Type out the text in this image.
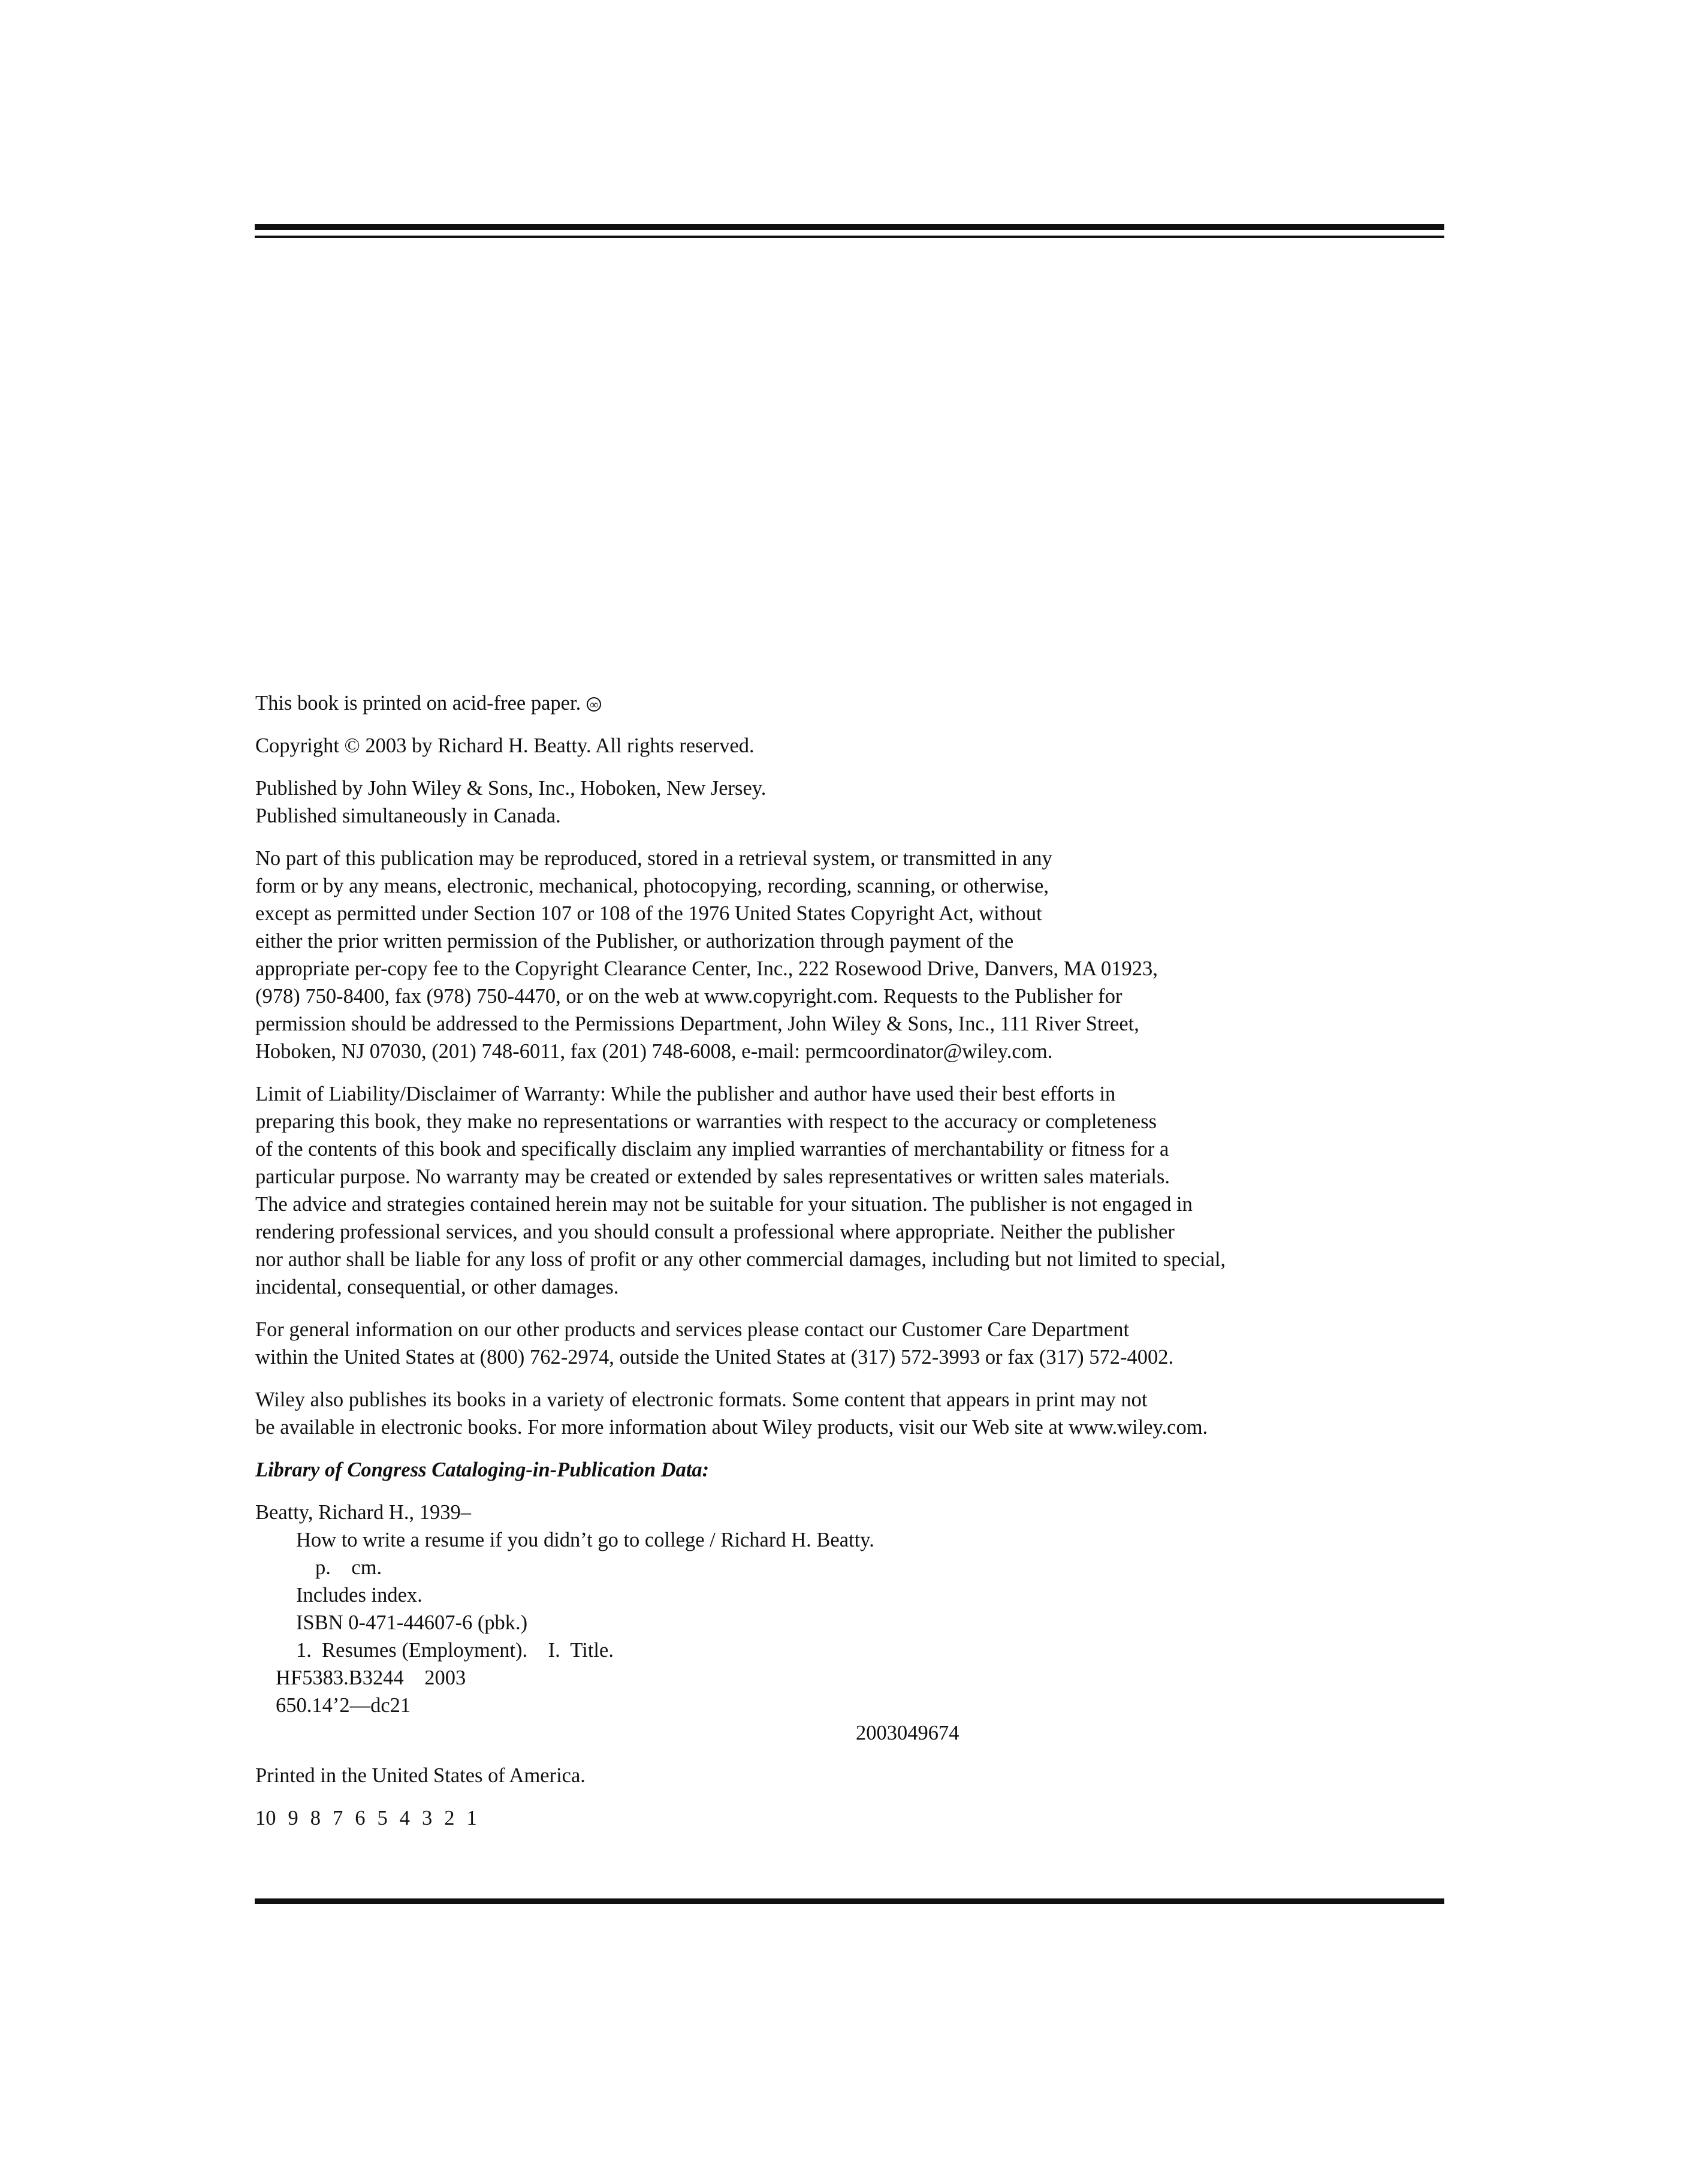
This book is printed on acid-free paper. ∞

Copyright © 2003 by Richard H. Beatty. All rights reserved.

Published by John Wiley & Sons, Inc., Hoboken, New Jersey.
Published simultaneously in Canada.

No part of this publication may be reproduced, stored in a retrieval system, or transmitted in any
form or by any means, electronic, mechanical, photocopying, recording, scanning, or otherwise,
except as permitted under Section 107 or 108 of the 1976 United States Copyright Act, without
either the prior written permission of the Publisher, or authorization through payment of the
appropriate per-copy fee to the Copyright Clearance Center, Inc., 222 Rosewood Drive, Danvers, MA 01923,
(978) 750-8400, fax (978) 750-4470, or on the web at www.copyright.com. Requests to the Publisher for
permission should be addressed to the Permissions Department, John Wiley & Sons, Inc., 111 River Street,
Hoboken, NJ 07030, (201) 748-6011, fax (201) 748-6008, e-mail: permcoordinator@wiley.com.

Limit of Liability/Disclaimer of Warranty: While the publisher and author have used their best efforts in
preparing this book, they make no representations or warranties with respect to the accuracy or completeness
of the contents of this book and specifically disclaim any implied warranties of merchantability or fitness for a
particular purpose. No warranty may be created or extended by sales representatives or written sales materials.
The advice and strategies contained herein may not be suitable for your situation. The publisher is not engaged in
rendering professional services, and you should consult a professional where appropriate. Neither the publisher
nor author shall be liable for any loss of profit or any other commercial damages, including but not limited to special,
incidental, consequential, or other damages.

For general information on our other products and services please contact our Customer Care Department
within the United States at (800) 762-2974, outside the United States at (317) 572-3993 or fax (317) 572-4002.

Wiley also publishes its books in a variety of electronic formats. Some content that appears in print may not
be available in electronic books. For more information about Wiley products, visit our Web site at www.wiley.com.

Library of Congress Cataloging-in-Publication Data:

Beatty, Richard H., 1939–
How to write a resume if you didn’t go to college / Richard H. Beatty.
p.    cm.
Includes index.
ISBN 0-471-44607-6 (pbk.)
1.  Resumes (Employment).    I.  Title.
HF5383.B3244    2003
650.14’2—dc21
2003049674

Printed in the United States of America.

10 9 8 7 6 5 4 3 2 1
